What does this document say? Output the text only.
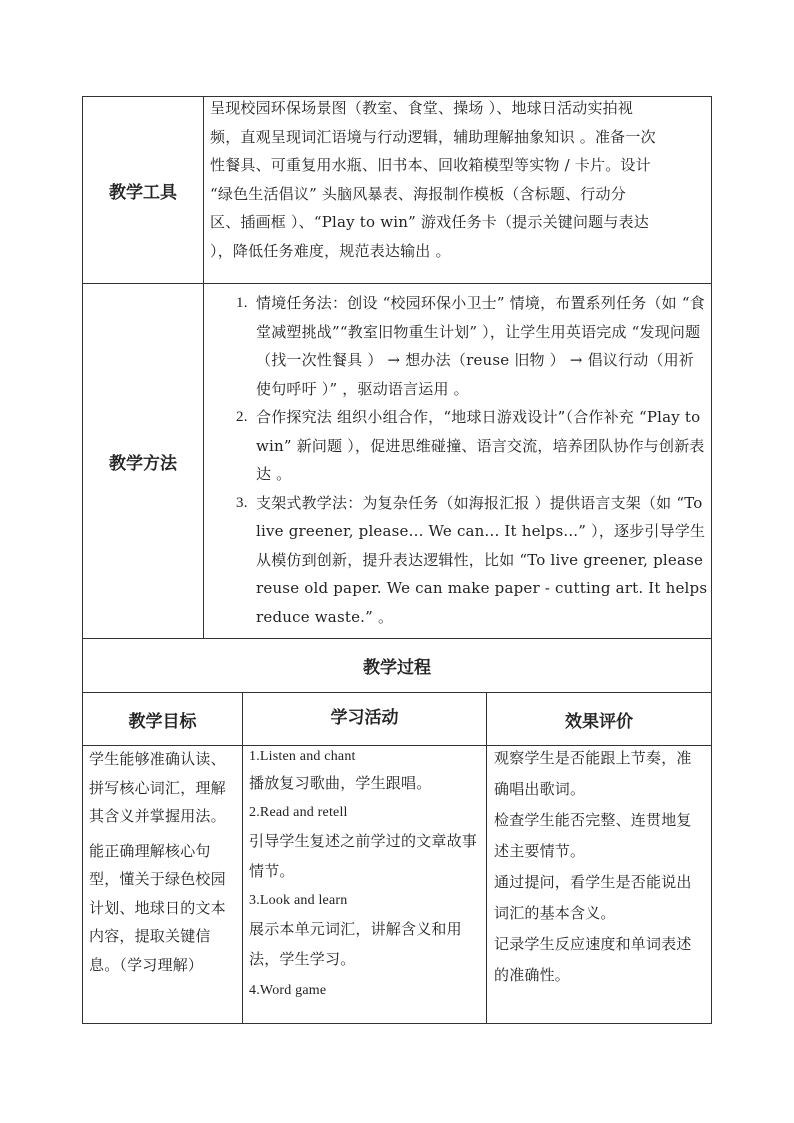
教学工具
呈现校园环保场景图（教室、食堂、操场 ）、地球日活动实拍视频，直观呈现词汇语境与行动逻辑，辅助理解抽象知识 。准备一次性餐具、可重复用水瓶、旧书本、回收箱模型等实物 / 卡片。设计 “绿色生活倡议” 头脑风暴表、海报制作模板（含标题、行动分区、插画框 ）、“Play to win” 游戏任务卡（提示关键问题与表达 ），降低任务难度，规范表达输出 。
教学方法
1. 情境任务法：创设 “校园环保小卫士” 情境，布置系列任务（如 “食堂减塑挑战”“教室旧物重生计划” ），让学生用英语完成 “发现问题（找一次性餐具 ） → 想办法（reuse 旧物 ） → 倡议行动（用祈使句呼吁 ）” ，驱动语言运用 。
2. 合作探究法 组织小组合作，“地球日游戏设计”（合作补充 “Play to win” 新问题 ），促进思维碰撞、语言交流，培养团队协作与创新表达 。
3. 支架式教学法：为复杂任务（如海报汇报 ）提供语言支架（如 “To live greener, please... We can... It helps...” ），逐步引导学生从模仿到创新，提升表达逻辑性，比如 “To live greener, please reuse old paper. We can make paper - cutting art. It helps reduce waste.” 。
教学过程
教学目标	学习活动	效果评价

学生能够准确认读、拼写核心词汇，理解其含义并掌握用法。

能正确理解核心句型，懂关于绿色校园计划、地球日的文本内容，提取关键信息。（学习理解）

1.Listen and chant
播放复习歌曲，学生跟唱。
2.Read and retell
引导学生复述之前学过的文章故事情节。
3.Look and learn
展示本单元词汇，讲解含义和用法，学生学习。
4.Word game

观察学生是否能跟上节奏，准确唱出歌词。

检查学生能否完整、连贯地复述主要情节。

通过提问，看学生是否能说出词汇的基本含义。

记录学生反应速度和单词表述的准确性。
